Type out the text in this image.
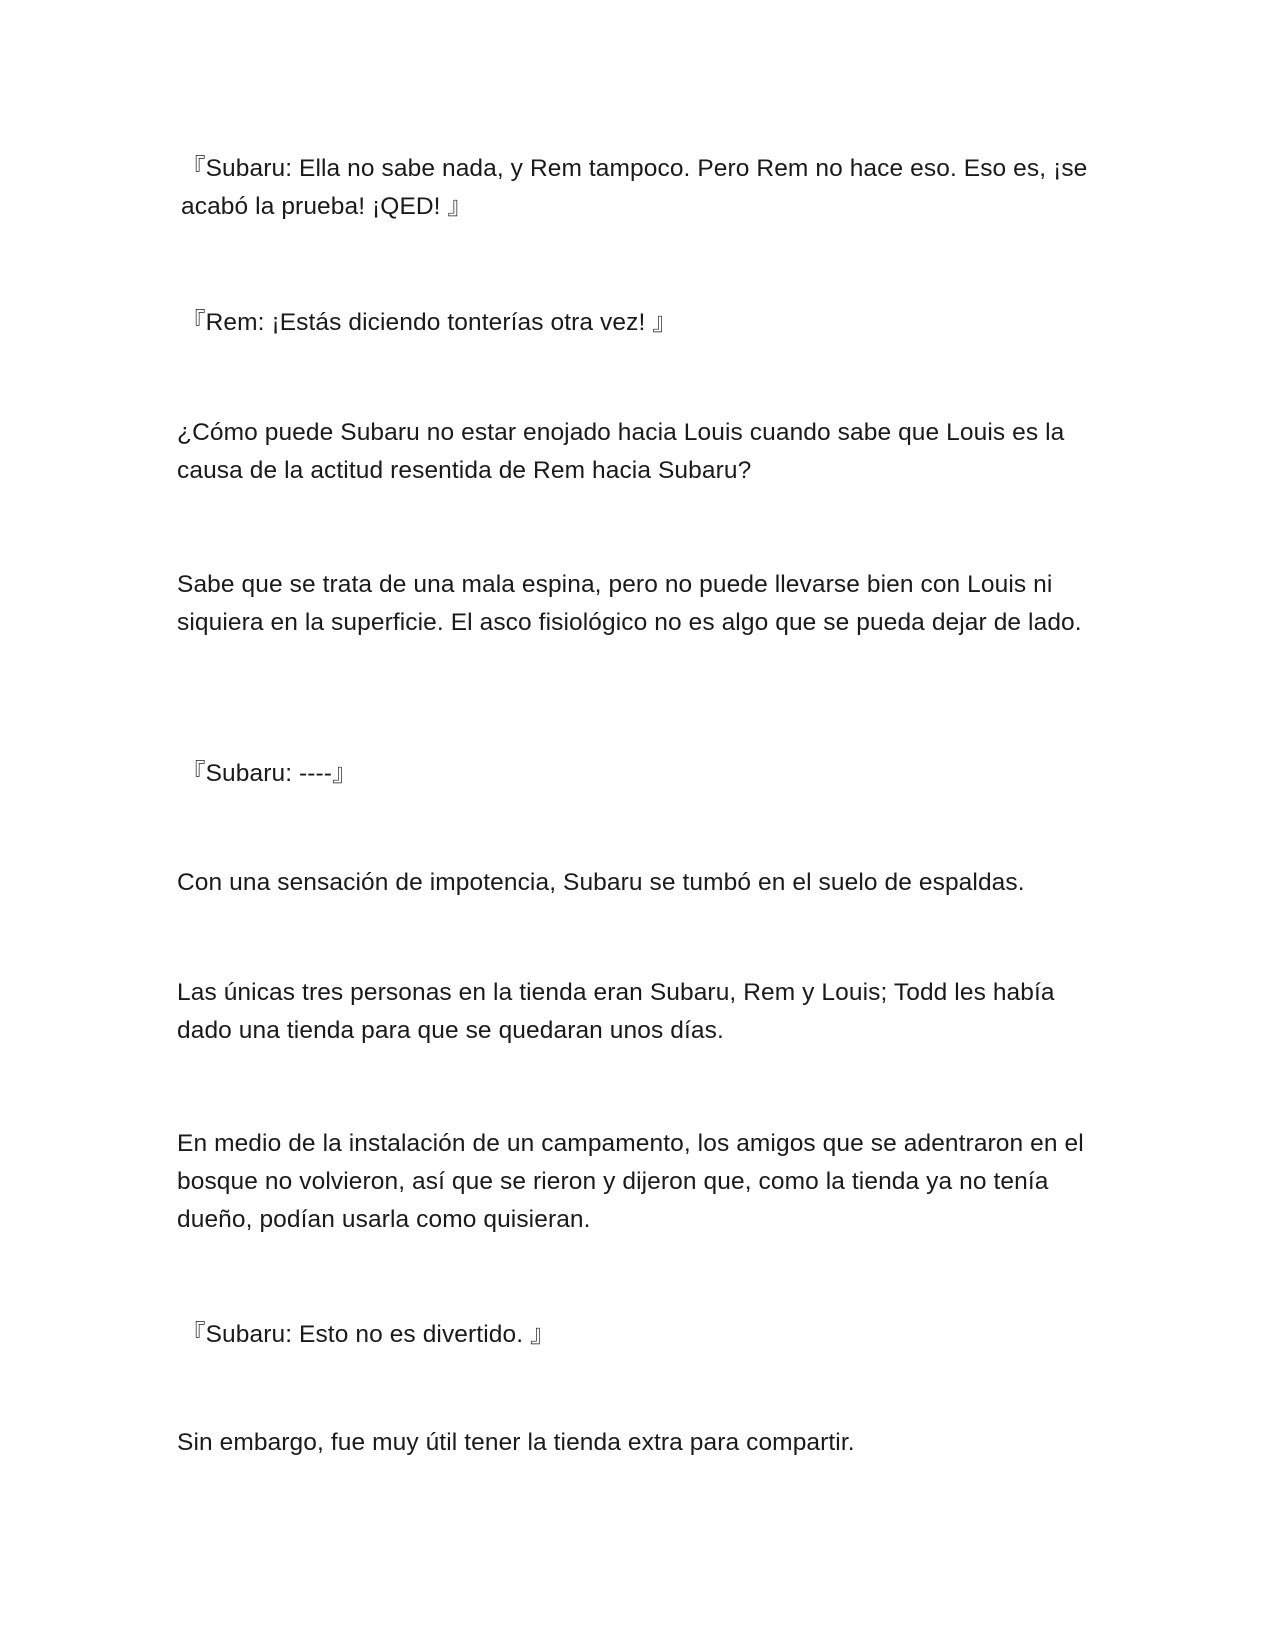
『Subaru: Ella no sabe nada, y Rem tampoco. Pero Rem no hace eso. Eso es, ¡se acabó la prueba! ¡QED! 』

『Rem: ¡Estás diciendo tonterías otra vez! 』

¿Cómo puede Subaru no estar enojado hacia Louis cuando sabe que Louis es la causa de la actitud resentida de Rem hacia Subaru?

Sabe que se trata de una mala espina, pero no puede llevarse bien con Louis ni siquiera en la superficie. El asco fisiológico no es algo que se pueda dejar de lado.

『Subaru: ----』

Con una sensación de impotencia, Subaru se tumbó en el suelo de espaldas.

Las únicas tres personas en la tienda eran Subaru, Rem y Louis; Todd les había dado una tienda para que se quedaran unos días.

En medio de la instalación de un campamento, los amigos que se adentraron en el bosque no volvieron, así que se rieron y dijeron que, como la tienda ya no tenía dueño, podían usarla como quisieran.

『Subaru: Esto no es divertido. 』

Sin embargo, fue muy útil tener la tienda extra para compartir.
